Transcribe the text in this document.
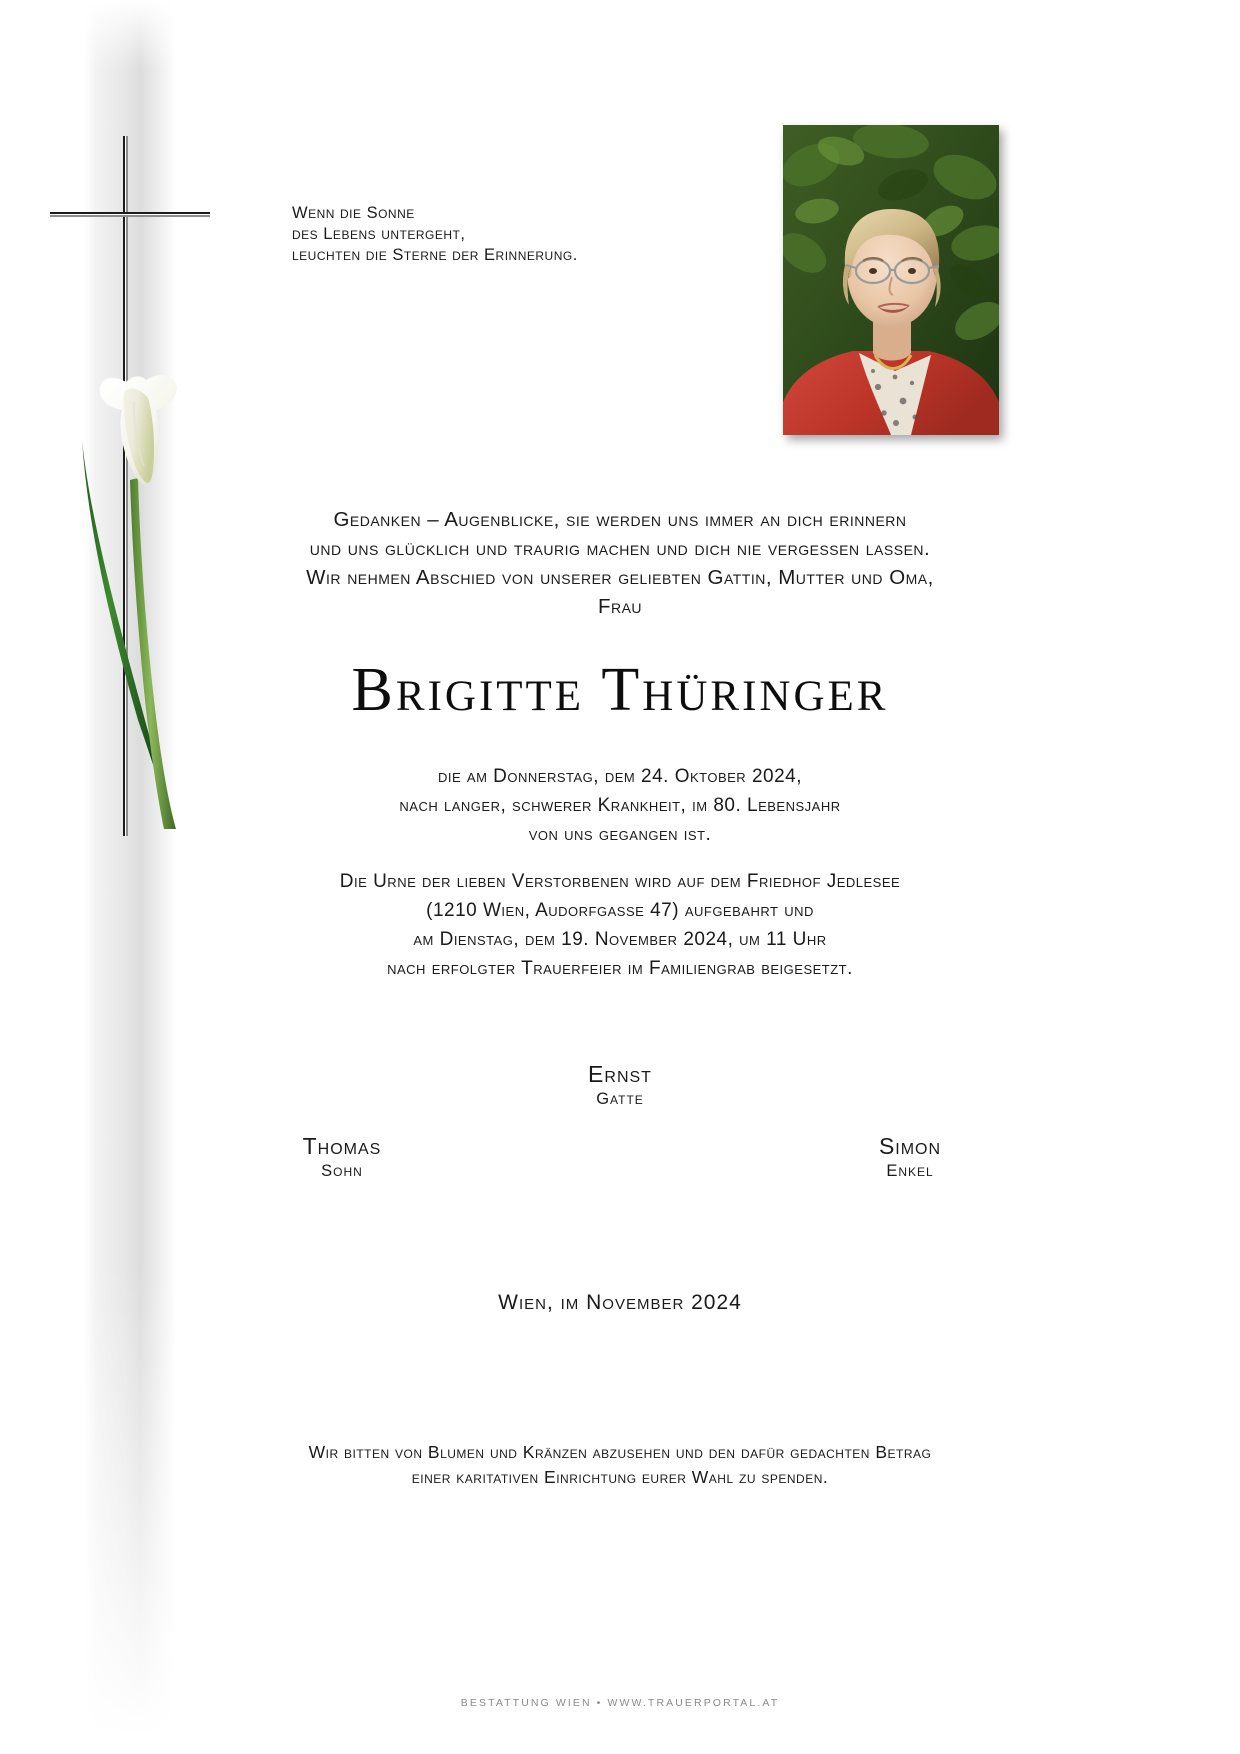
Wenn die Sonne
des Lebens untergeht,
leuchten die Sterne der Erinnerung.
Gedanken – Augenblicke, sie werden uns immer an dich erinnern
und uns glücklich und traurig machen und dich nie vergessen lassen.
Wir nehmen Abschied von unserer geliebten Gattin, Mutter und Oma,
Frau
Brigitte Thüringer
die am Donnerstag, dem 24. Oktober 2024,
nach langer, schwerer Krankheit, im 80. Lebensjahr
von uns gegangen ist.
Die Urne der lieben Verstorbenen wird auf dem Friedhof Jedlesee
(1210 Wien, Audorfgasse 47) aufgebahrt und
am Dienstag, dem 19. November 2024, um 11 Uhr
nach erfolgter Trauerfeier im Familiengrab beigesetzt.
Ernst
Gatte
Thomas
Sohn
Simon
Enkel
Wien, im November 2024
Wir bitten von Blumen und Kränzen abzusehen und den dafür gedachten Betrag
einer karitativen Einrichtung eurer Wahl zu spenden.
BESTATTUNG WIEN • WWW.TRAUERPORTAL.AT
